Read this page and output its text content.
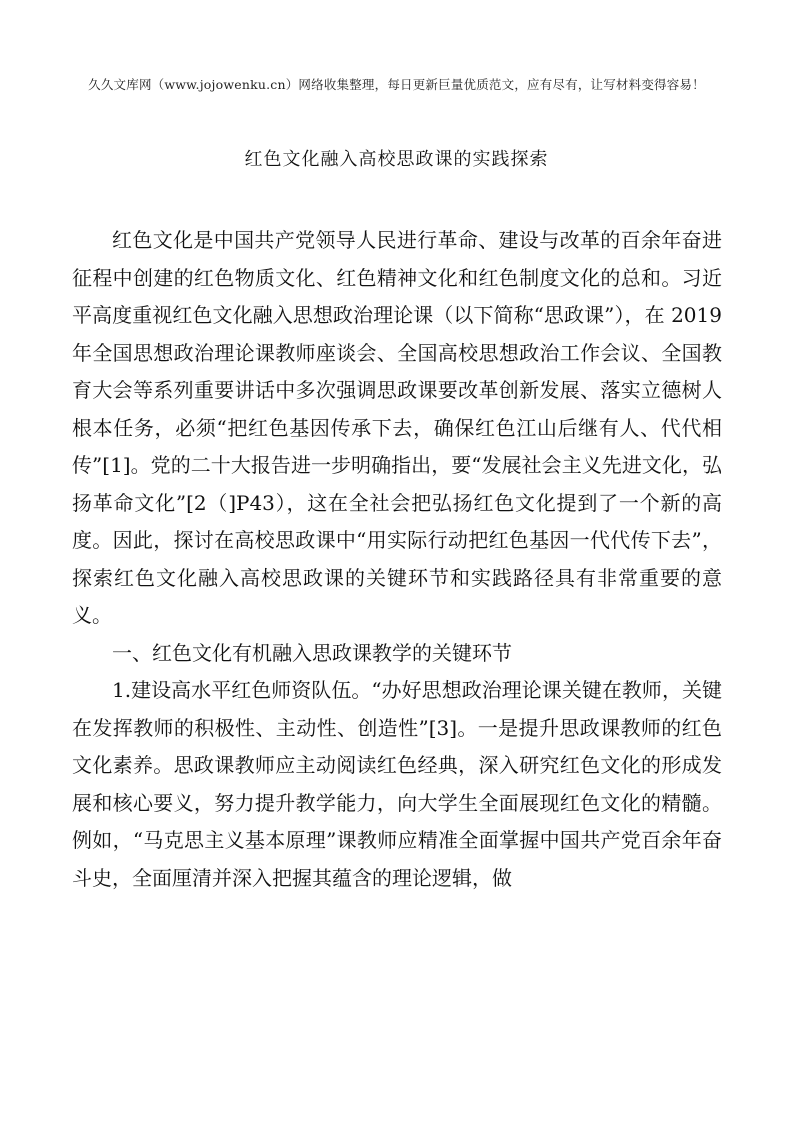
久久文库网（www.jojowenku.cn）网络收集整理，每日更新巨量优质范文，应有尽有，让写材料变得容易！
红色文化融入高校思政课的实践探索

红色文化是中国共产党领导人民进行革命、建设与改革的百余年奋进征程中创建的红色物质文化、红色精神文化和红色制度文化的总和。习近平高度重视红色文化融入思想政治理论课（以下简称“思政课”），在 2019 年全国思想政治理论课教师座谈会、全国高校思想政治工作会议、全国教育大会等系列重要讲话中多次强调思政课要改革创新发展、落实立德树人根本任务，必须“把红色基因传承下去，确保红色江山后继有人、代代相传”[1]。党的二十大报告进一步明确指出，要“发展社会主义先进文化，弘扬革命文化”[2（]P43），这在全社会把弘扬红色文化提到了一个新的高度。因此，探讨在高校思政课中“用实际行动把红色基因一代代传下去”，探索红色文化融入高校思政课的关键环节和实践路径具有非常重要的意义。

一、红色文化有机融入思政课教学的关键环节

1.建设高水平红色师资队伍。“办好思想政治理论课关键在教师，关键在发挥教师的积极性、主动性、创造性”[3]。一是提升思政课教师的红色文化素养。思政课教师应主动阅读红色经典，深入研究红色文化的形成发展和核心要义，努力提升教学能力，向大学生全面展现红色文化的精髓。例如，“马克思主义基本原理”课教师应精准全面掌握中国共产党百余年奋斗史，全面厘清并深入把握其蕴含的理论逻辑，做
